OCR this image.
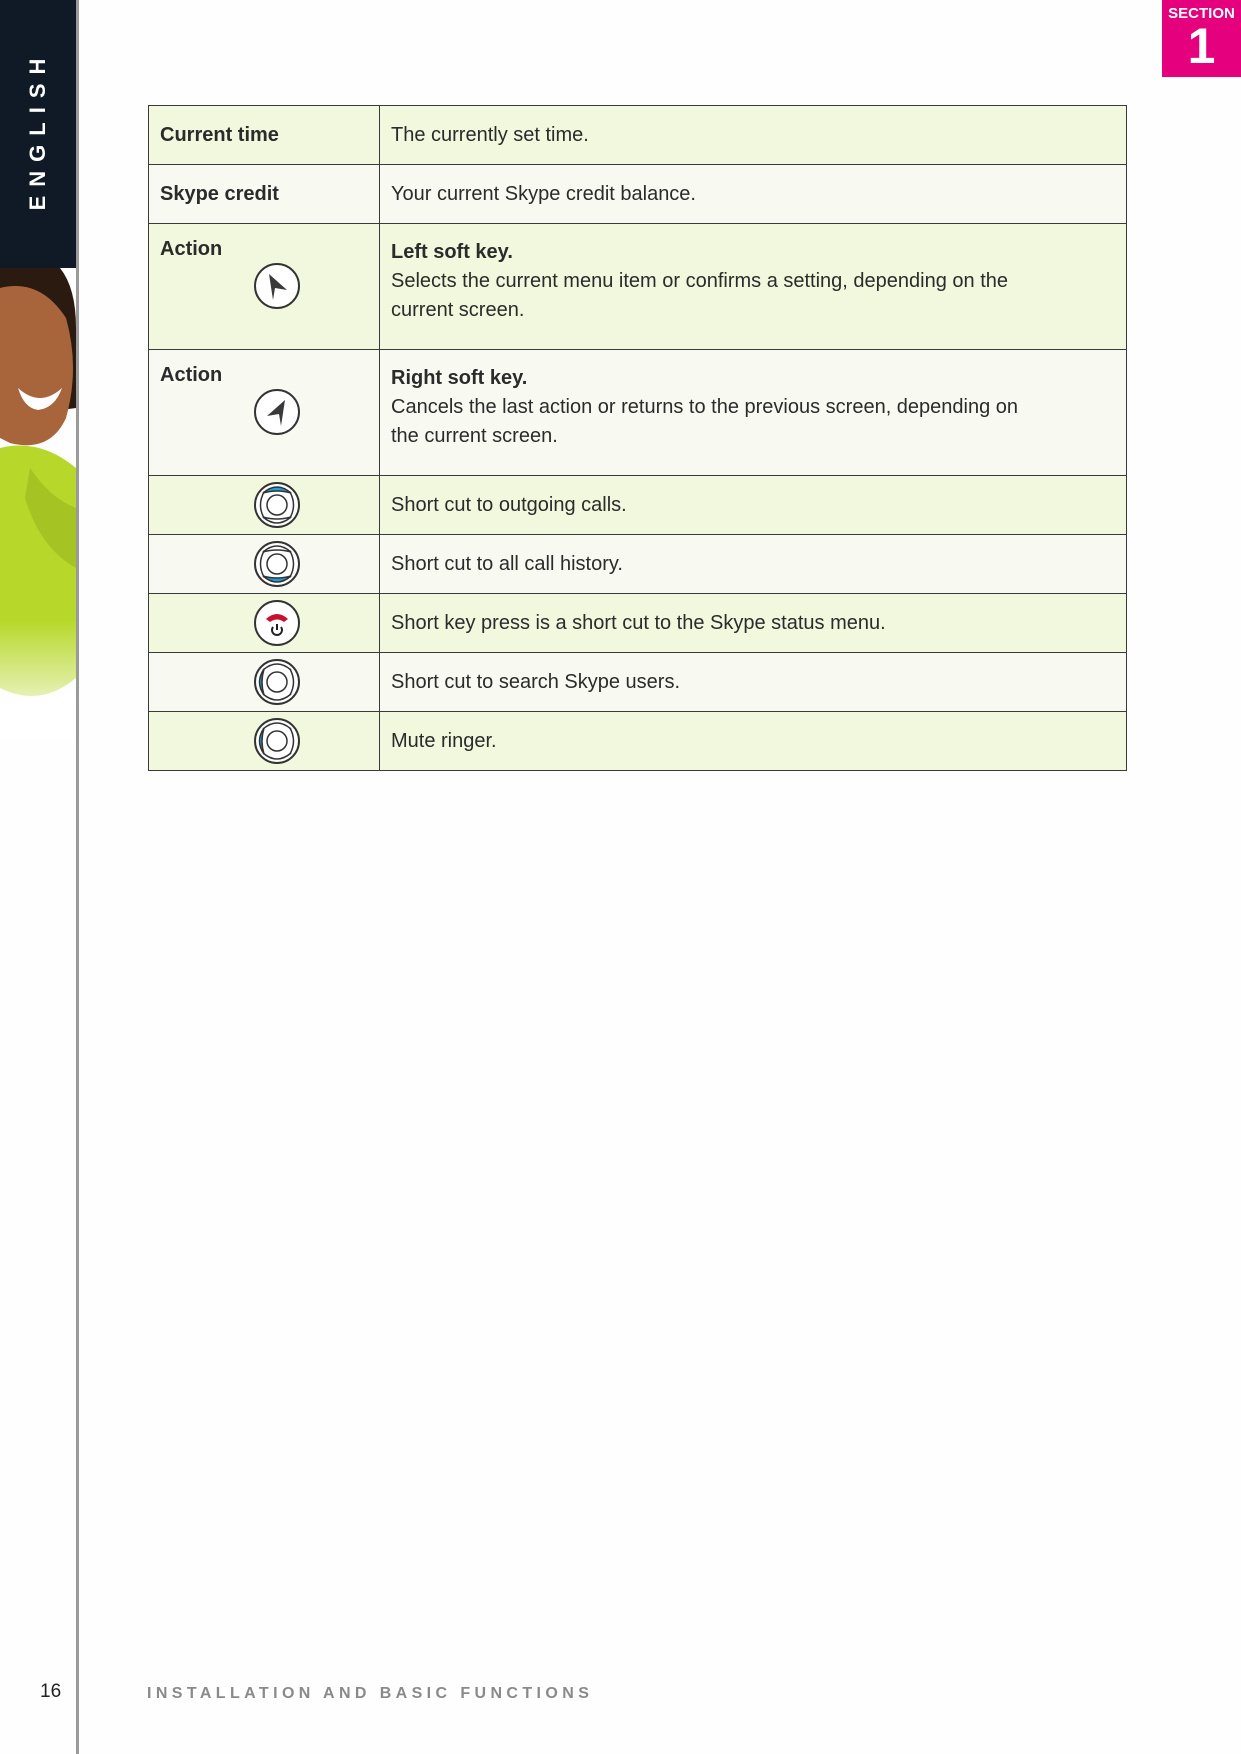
ENGLISH
SECTION
1
Current time	The currently set time.

Skype credit	Your current Skype credit balance.

Action	Left soft key.
Selects the current menu item or confirms a setting, depending on the current screen.

Action	Right soft key.
Cancels the last action or returns to the previous screen, depending on the current screen.

	Short cut to outgoing calls.

	Short cut to all call history.

	Short key press is a short cut to the Skype status menu.

	Short cut to search Skype users.

	Mute ringer.
16	INSTALLATION AND BASIC FUNCTIONS
